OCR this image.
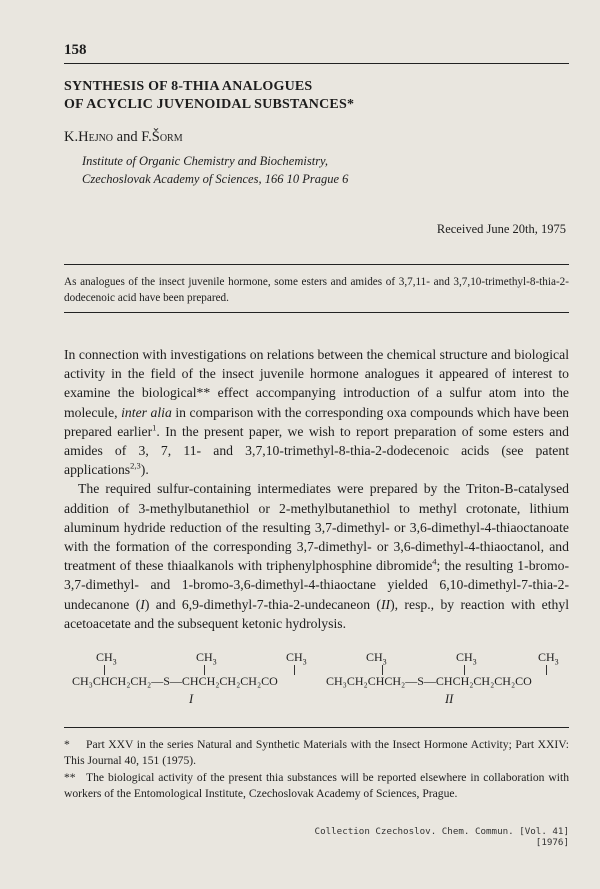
158
SYNTHESIS OF 8-THIA ANALOGUES
OF ACYCLIC JUVENOIDAL SUBSTANCES*
K.Hejno and F.Šorm
Institute of Organic Chemistry and Biochemistry,
Czechoslovak Academy of Sciences, 166 10 Prague 6
Received June 20th, 1975
As analogues of the insect juvenile hormone, some esters and amides of 3,7,11- and 3,7,10-trimethyl-8-thia-2-dodecenoic acid have been prepared.

In connection with investigations on relations between the chemical structure and biological activity in the field of the insect juvenile hormone analogues it appeared of interest to examine the biological** effect accompanying introduction of a sulfur atom into the molecule, inter alia in comparison with the corresponding oxa compounds which have been prepared earlier$^1$. In the present paper, we wish to report preparation of some esters and amides of 3, 7, 11- and 3,7,10-trimethyl-8-thia-2-dodecenoic acids (see patent applications$^{2,3}$).

The required sulfur-containing intermediates were prepared by the Triton-B-catalysed addition of 3-methylbutanethiol or 2-methylbutanethiol to methyl crotonate, lithium aluminum hydride reduction of the resulting 3,7-dimethyl- or 3,6-dimethyl-4-thiaoctanoate with the formation of the corresponding 3,7-dimethyl- or 3,6-dimethyl-4-thiaoctanol, and treatment of these thiaalkanols with triphenylphosphine dibromide$^4$; the resulting 1-bromo-3,7-dimethyl- and 1-bromo-3,6-dimethyl-4-thiaoctane yielded 6,10-dimethyl-7-thia-2-undecanone (I) and 6,9-dimethyl-7-thia-2-undecaneon (II), resp., by reaction with ethyl acetoacetate and the subsequent ketonic hydrolysis.

$CH_3$	$CH_3$	$CH_3$	$CH_3$	$CH_3$	$CH_3$
CH₃CHCH₂CH₂—S—CHCH₂CH₂CH₂CO	CH₃CH₂CHCH₂—S—CHCH₂CH₂CH₂CO
I	II

* Part XXV in the series Natural and Synthetic Materials with the Insect Hormone Activity; Part XXIV: This Journal 40, 151 (1975).

** The biological activity of the present thia substances will be reported elsewhere in collaboration with workers of the Entomological Institute, Czechoslovak Academy of Sciences, Prague.

Collection Czechoslov. Chem. Commun. [Vol. 41] [1976]
